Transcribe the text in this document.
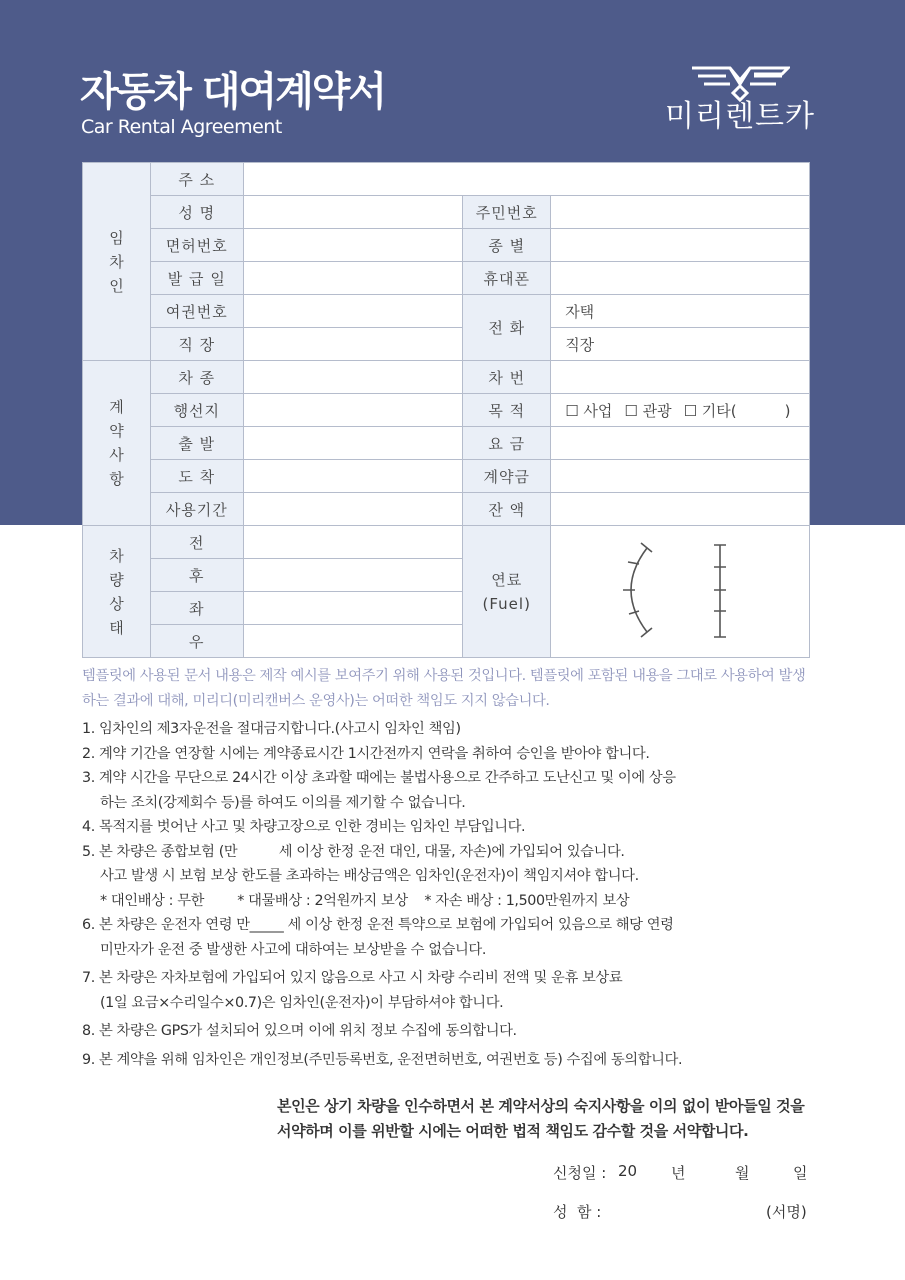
자동차 대여계약서
Car Rental Agreement	미리렌트카
임
차
인	주 소			
	성 명		주민번호	
	면허번호		종 별	
	발 급 일		휴대폰	
	여권번호		전 화	자택
	직 장			직장
계
약
사
항	차 종		차 번	
	행선지		목 적	☐ 사업 ☐ 관광 ☐ 기타( )
	출 발		요 금	
	도 착		계약금	
	사용기간		잔 액	
차
량
상
태	전		연료
(Fuel)	
	후			
	좌			
	우			
템플릿에 사용된 문서 내용은 제작 예시를 보여주기 위해 사용된 것입니다. 템플릿에 포함된 내용을 그대로 사용하여 발생하는 결과에 대해, 미리디(미리캔버스 운영사)는 어떠한 책임도 지지 않습니다.
1. 임차인의 제3자운전을 절대금지합니다.(사고시 임차인 책임)
2. 계약 기간을 연장할 시에는 계약종료시간 1시간전까지 연락을 취하여 승인을 받아야 합니다.
3. 계약 시간을 무단으로 24시간 이상 초과할 때에는 불법사용으로 간주하고 도난신고 및 이에 상응
하는 조치(강제회수 등)를 하여도 이의를 제기할 수 없습니다.
4. 목적지를 벗어난 사고 및 차량고장으로 인한 경비는 임차인 부담입니다.
5. 본 차량은 종합보험 (만          세 이상 한정 운전 대인, 대물, 자손)에 가입되어 있습니다.
사고 발생 시 보험 보상 한도를 초과하는 배상금액은 임차인(운전자)이 책임지셔야 합니다.
* 대인배상 : 무한        * 대물배상 : 2억원까지 보상    * 자손 배상 : 1,500만원까지 보상
6. 본 차량은 운전자 연령 만_____ 세 이상 한정 운전 특약으로 보험에 가입되어 있음으로 해당 연령
미만자가 운전 중 발생한 사고에 대하여는 보상받을 수 없습니다.
7. 본 차량은 자차보험에 가입되어 있지 않음으로 사고 시 차량 수리비 전액 및 운휴 보상료
(1일 요금×수리일수×0.7)은 임차인(운전자)이 부담하셔야 합니다.
8. 본 차량은 GPS가 설치되어 있으며 이에 위치 정보 수집에 동의합니다.
9. 본 계약을 위해 임차인은 개인정보(주민등록번호, 운전면허번호, 여권번호 등) 수집에 동의합니다.
본인은 상기 차량을 인수하면서 본 계약서상의 숙지사항을 이의 없이 받아들일 것을
서약하며 이를 위반할 시에는 어떠한 법적 책임도 감수할 것을 서약합니다.
신청일 : 20 년	월	일
성  함 :	(서명)
